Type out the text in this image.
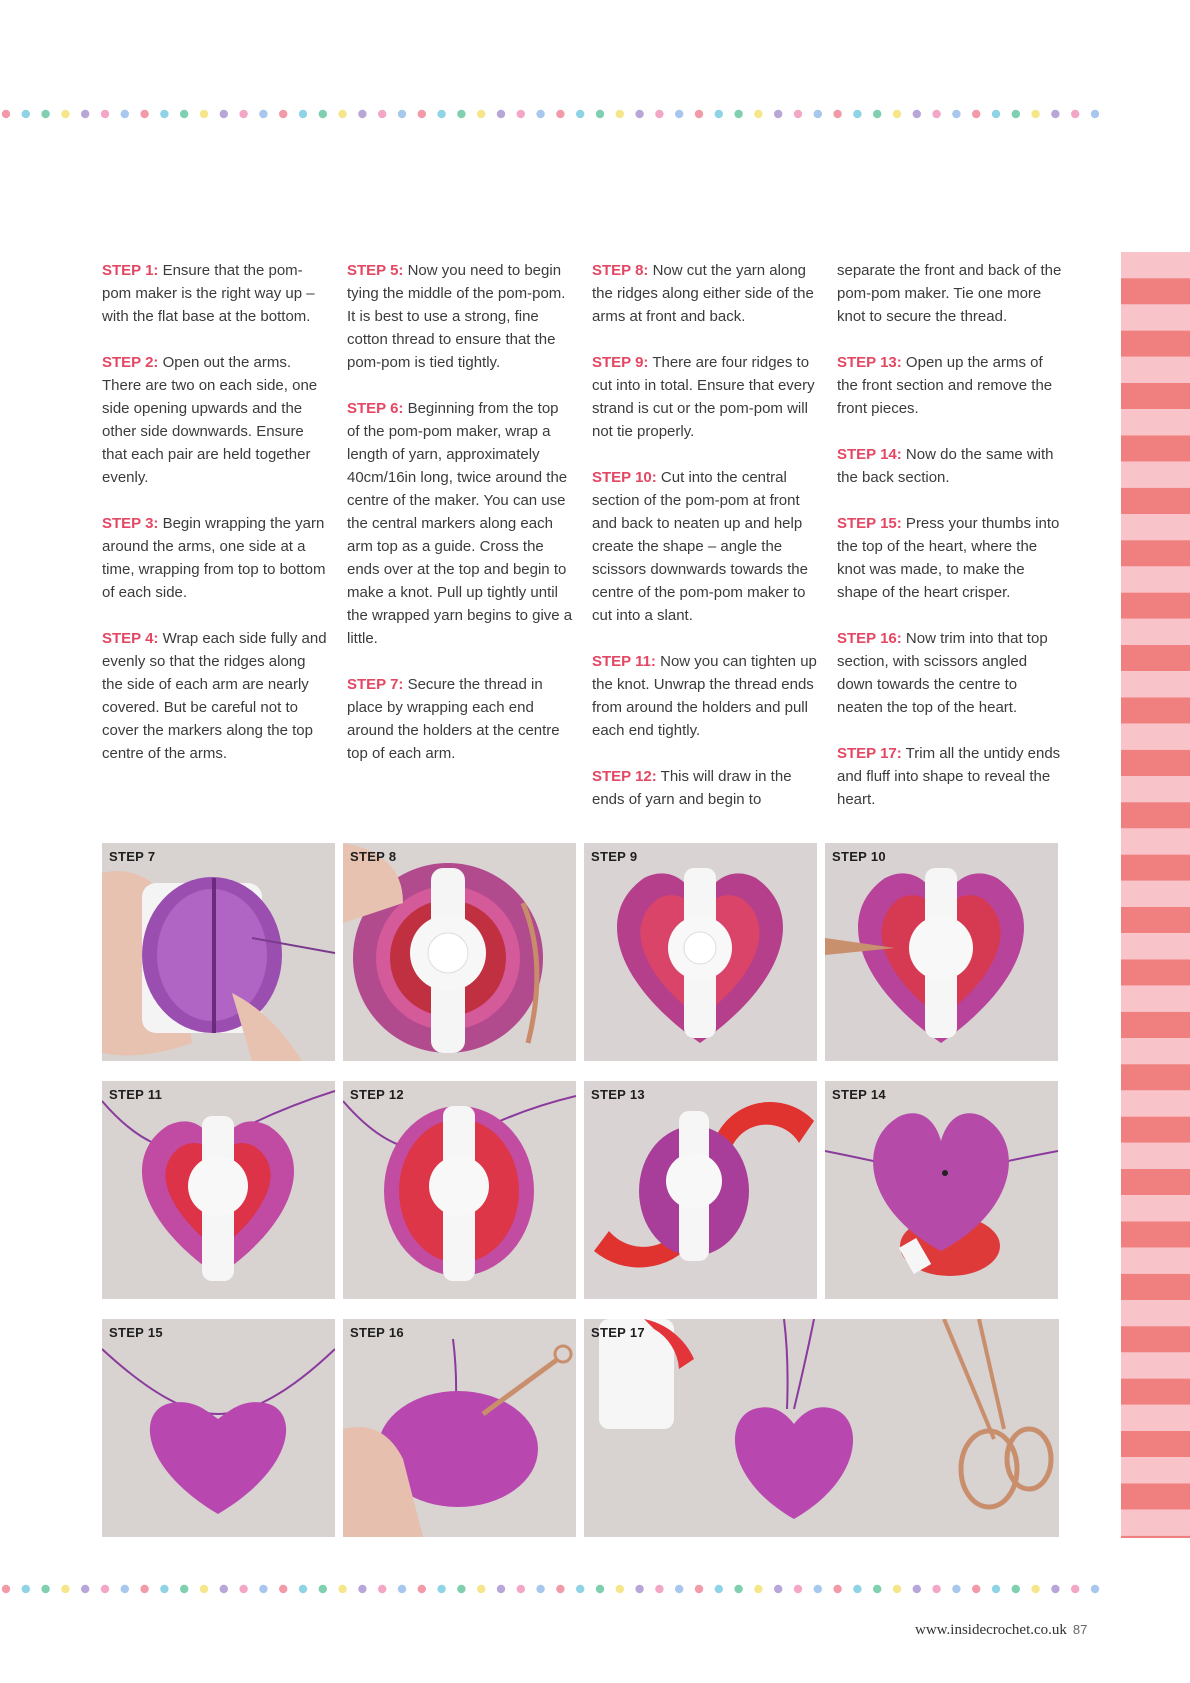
STEP 1: Ensure that the pom-pom maker is the right way up – with the flat base at the bottom.

STEP 2: Open out the arms. There are two on each side, one side opening upwards and the other side downwards. Ensure that each pair are held together evenly.

STEP 3: Begin wrapping the yarn around the arms, one side at a time, wrapping from top to bottom of each side.

STEP 4: Wrap each side fully and evenly so that the ridges along the side of each arm are nearly covered. But be careful not to cover the markers along the top centre of the arms.

STEP 5: Now you need to begin tying the middle of the pom-pom. It is best to use a strong, fine cotton thread to ensure that the pom-pom is tied tightly.

STEP 6: Beginning from the top of the pom-pom maker, wrap a length of yarn, approximately 40cm/16in long, twice around the centre of the maker. You can use the central markers along each arm top as a guide. Cross the ends over at the top and begin to make a knot. Pull up tightly until the wrapped yarn begins to give a little.

STEP 7: Secure the thread in place by wrapping each end around the holders at the centre top of each arm.

STEP 8: Now cut the yarn along the ridges along either side of the arms at front and back.

STEP 9: There are four ridges to cut into in total. Ensure that every strand is cut or the pom-pom will not tie properly.

STEP 10: Cut into the central section of the pom-pom at front and back to neaten up and help create the shape – angle the scissors downwards towards the centre of the pom-pom maker to cut into a slant.

STEP 11: Now you can tighten up the knot. Unwrap the thread ends from around the holders and pull each end tightly.

STEP 12: This will draw in the ends of yarn and begin to

separate the front and back of the pom-pom maker. Tie one more knot to secure the thread.

STEP 13: Open up the arms of the front section and remove the front pieces.

STEP 14: Now do the same with the back section.

STEP 15: Press your thumbs into the top of the heart, where the knot was made, to make the shape of the heart crisper.

STEP 16: Now trim into that top section, with scissors angled down towards the centre to neaten the top of the heart.

STEP 17: Trim all the untidy ends and fluff into shape to reveal the heart.

STEP 7	STEP 8	STEP 9	STEP 10
STEP 11	STEP 12	STEP 13	STEP 14
STEP 15	STEP 16	STEP 17
www.insidecrochet.co.uk 87
